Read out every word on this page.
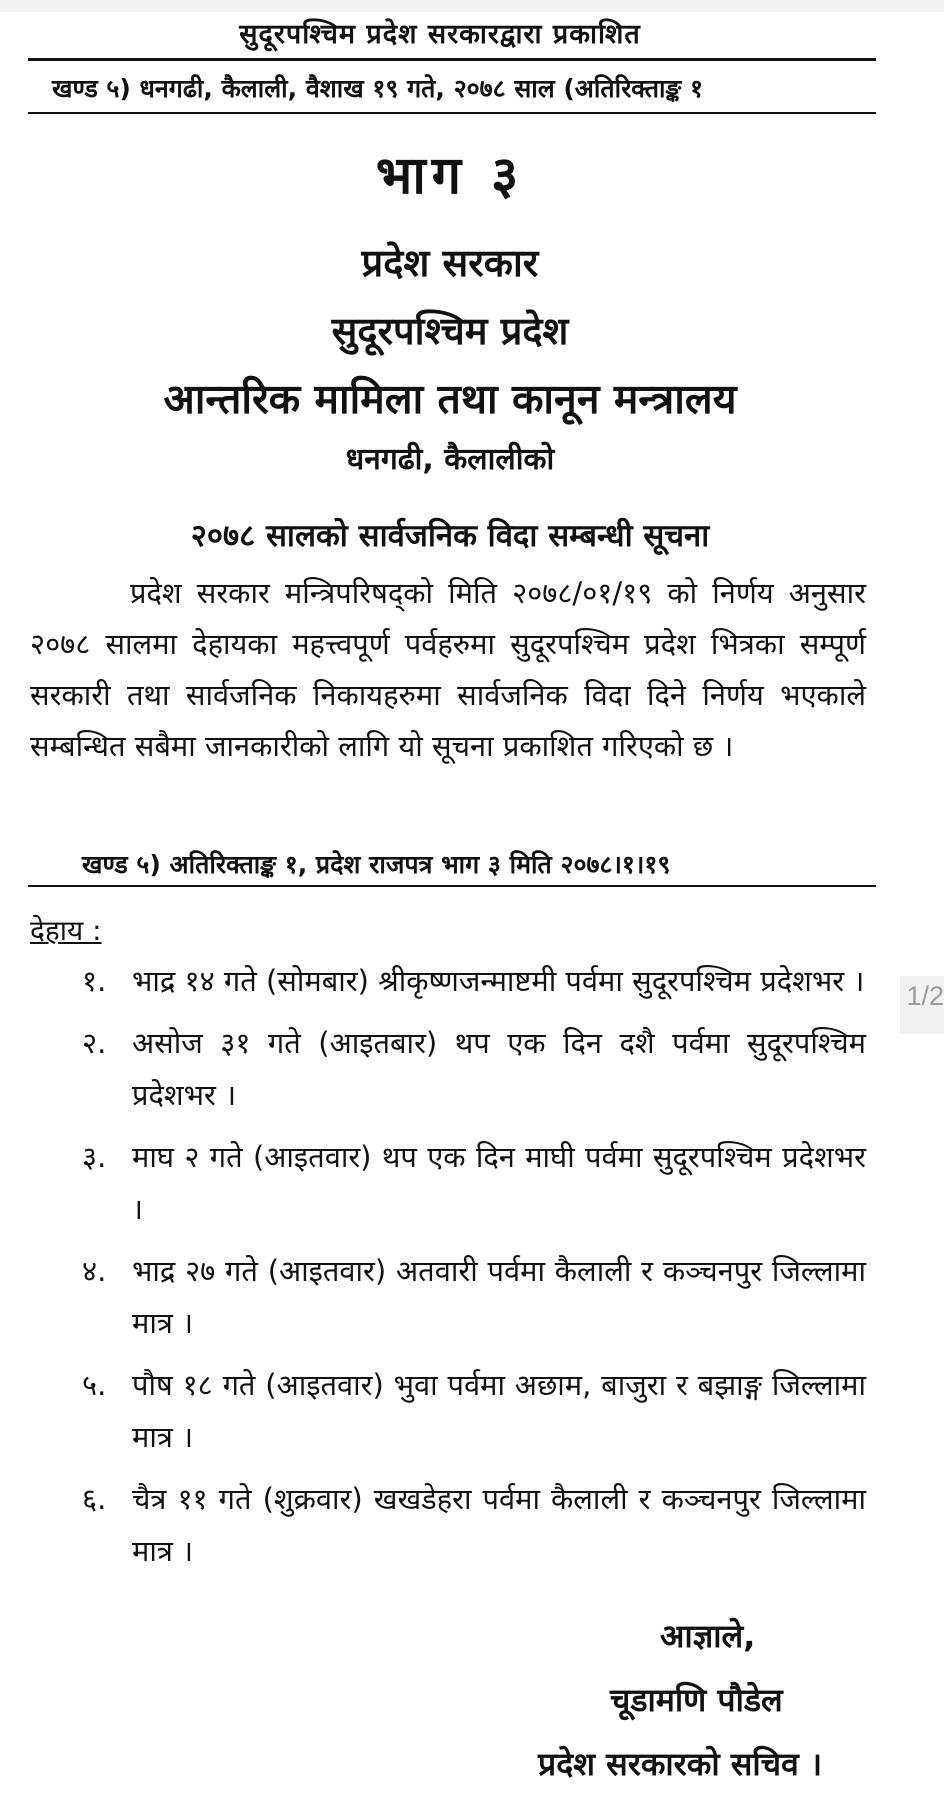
सुदूरपश्चिम प्रदेश सरकारद्वारा प्रकाशित
खण्ड ५) धनगढी, कैलाली, वैशाख १९ गते, २०७८ साल (अतिरिक्ताङ्क १
भाग ३
प्रदेश सरकार
सुदूरपश्चिम प्रदेश
आन्तरिक मामिला तथा कानून मन्त्रालय
धनगढी, कैलालीको
२०७८ सालको सार्वजनिक विदा सम्बन्धी सूचना
प्रदेश सरकार मन्त्रिपरिषद्को मिति २०७८/०१/१९ को निर्णय अनुसार २०७८ सालमा देहायका महत्त्वपूर्ण पर्वहरुमा सुदूरपश्चिम प्रदेश भित्रका सम्पूर्ण सरकारी तथा सार्वजनिक निकायहरुमा सार्वजनिक विदा दिने निर्णय भएकाले सम्बन्धित सबैमा जानकारीको लागि यो सूचना प्रकाशित गरिएको छ ।
खण्ड ५) अतिरिक्ताङ्क १, प्रदेश राजपत्र भाग ३ मिति २०७८।१।१९
देहाय :
१. भाद्र १४ गते (सोमबार) श्रीकृष्णजन्माष्टमी पर्वमा सुदूरपश्चिम प्रदेशभर ।
२. असोज ३१ गते (आइतबार) थप एक दिन दशै पर्वमा सुदूरपश्चिम प्रदेशभर ।
३. माघ २ गते (आइतवार) थप एक दिन माघी पर्वमा सुदूरपश्चिम प्रदेशभर ।
४. भाद्र २७ गते (आइतवार) अतवारी पर्वमा कैलाली र कञ्चनपुर जिल्लामा मात्र ।
५. पौष १८ गते (आइतवार) भुवा पर्वमा अछाम, बाजुरा र बझाङ्ग जिल्लामा मात्र ।
६. चैत्र ११ गते (शुक्रवार) खखडेहरा पर्वमा कैलाली र कञ्चनपुर जिल्लामा मात्र ।
आज्ञाले,
चूडामणि पौडेल
प्रदेश सरकारको सचिव ।
1/2
